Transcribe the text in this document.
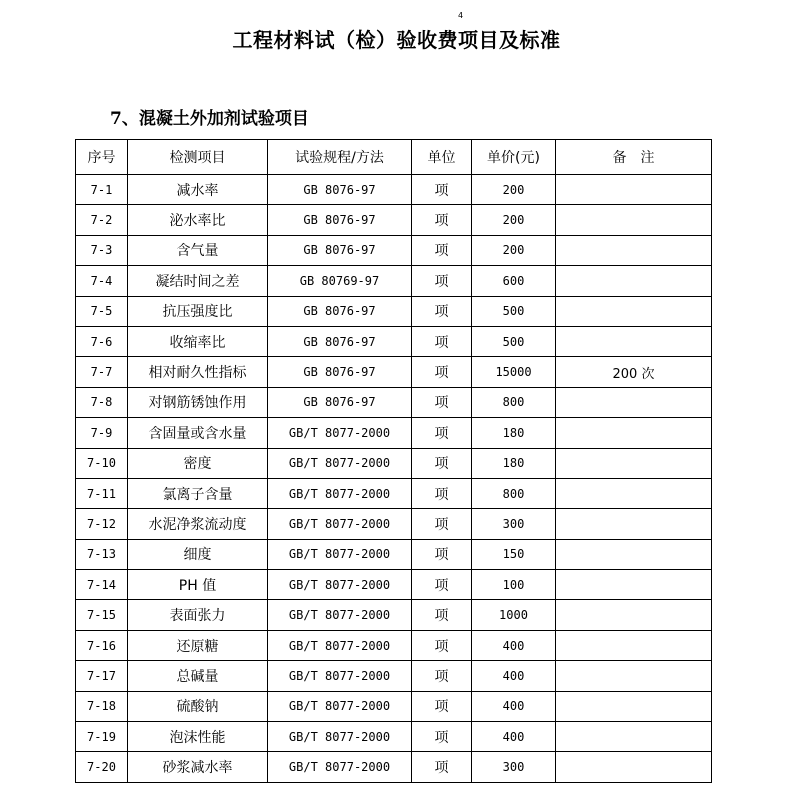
4
工程材料试（检）验收费项目及标准
7、混凝土外加剂试验项目
序号	检测项目	试验规程/方法	单位	单价(元)	备　注
7-1	减水率	GB 8076-97	项	200	
7-2	泌水率比	GB 8076-97	项	200	
7-3	含气量	GB 8076-97	项	200	
7-4	凝结时间之差	GB 80769-97	项	600	
7-5	抗压强度比	GB 8076-97	项	500	
7-6	收缩率比	GB 8076-97	项	500	
7-7	相对耐久性指标	GB 8076-97	项	15000	200 次
7-8	对钢筋锈蚀作用	GB 8076-97	项	800	
7-9	含固量或含水量	GB/T 8077-2000	项	180	
7-10	密度	GB/T 8077-2000	项	180	
7-11	氯离子含量	GB/T 8077-2000	项	800	
7-12	水泥净浆流动度	GB/T 8077-2000	项	300	
7-13	细度	GB/T 8077-2000	项	150	
7-14	PH 值	GB/T 8077-2000	项	100	
7-15	表面张力	GB/T 8077-2000	项	1000	
7-16	还原糖	GB/T 8077-2000	项	400	
7-17	总碱量	GB/T 8077-2000	项	400	
7-18	硫酸钠	GB/T 8077-2000	项	400	
7-19	泡沫性能	GB/T 8077-2000	项	400	
7-20	砂浆减水率	GB/T 8077-2000	项	300	
